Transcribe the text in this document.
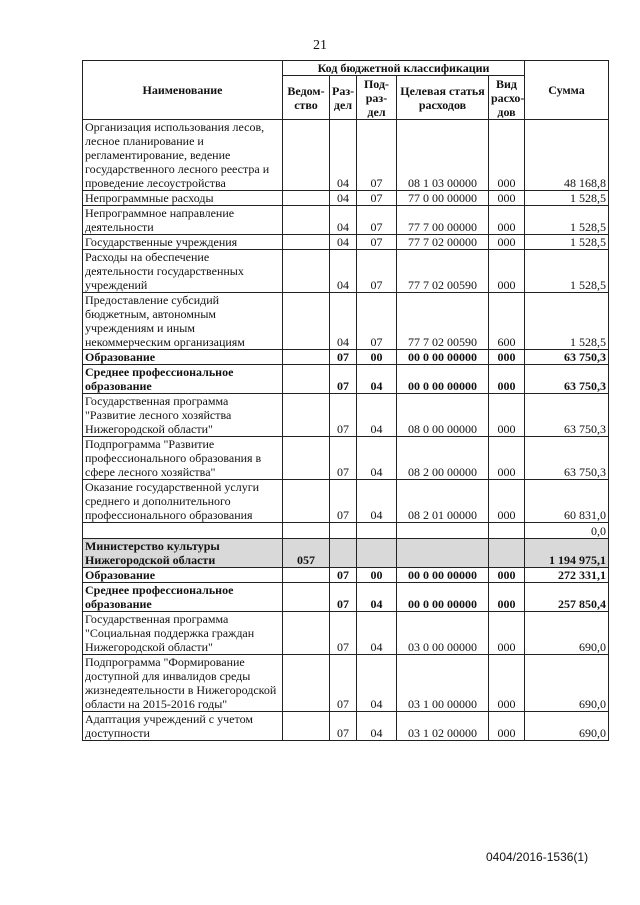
21
Наименование	Код бюджетной классификации					Сумма
	Ведом-ство	Раз-дел	Под-раз-дел	Целевая статья расходов	Вид расхо-дов	
Организация использования лесов, лесное планирование и регламентирование, ведение государственного лесного реестра и проведение лесоустройства		04	07	08 1 03 00000	000	48 168,8
Непрограммные расходы		04	07	77 0 00 00000	000	1 528,5
Непрограммное направление деятельности		04	07	77 7 00 00000	000	1 528,5
Государственные учреждения		04	07	77 7 02 00000	000	1 528,5
Расходы на обеспечение деятельности государственных учреждений		04	07	77 7 02 00590	000	1 528,5
Предоставление субсидий бюджетным, автономным учреждениям и иным некоммерческим организациям		04	07	77 7 02 00590	600	1 528,5
Образование		07	00	00 0 00 00000	000	63 750,3
Среднее профессиональное образование		07	04	00 0 00 00000	000	63 750,3
Государственная программа "Развитие лесного хозяйства Нижегородской области"		07	04	08 0 00 00000	000	63 750,3
Подпрограмма "Развитие профессионального образования в сфере лесного хозяйства"		07	04	08 2 00 00000	000	63 750,3
Оказание государственной услуги среднего и дополнительного профессионального образования		07	04	08 2 01 00000	000	60 831,0
						0,0
Министерство культуры Нижегородской области	057					1 194 975,1
Образование		07	00	00 0 00 00000	000	272 331,1
Среднее профессиональное образование		07	04	00 0 00 00000	000	257 850,4
Государственная программа "Социальная поддержка граждан Нижегородской области"		07	04	03 0 00 00000	000	690,0
Подпрограмма "Формирование доступной для инвалидов среды жизнедеятельности в Нижегородской области на 2015-2016 годы"		07	04	03 1 00 00000	000	690,0
Адаптация учреждений с учетом доступности		07	04	03 1 02 00000	000	690,0
0404/2016-1536(1)
